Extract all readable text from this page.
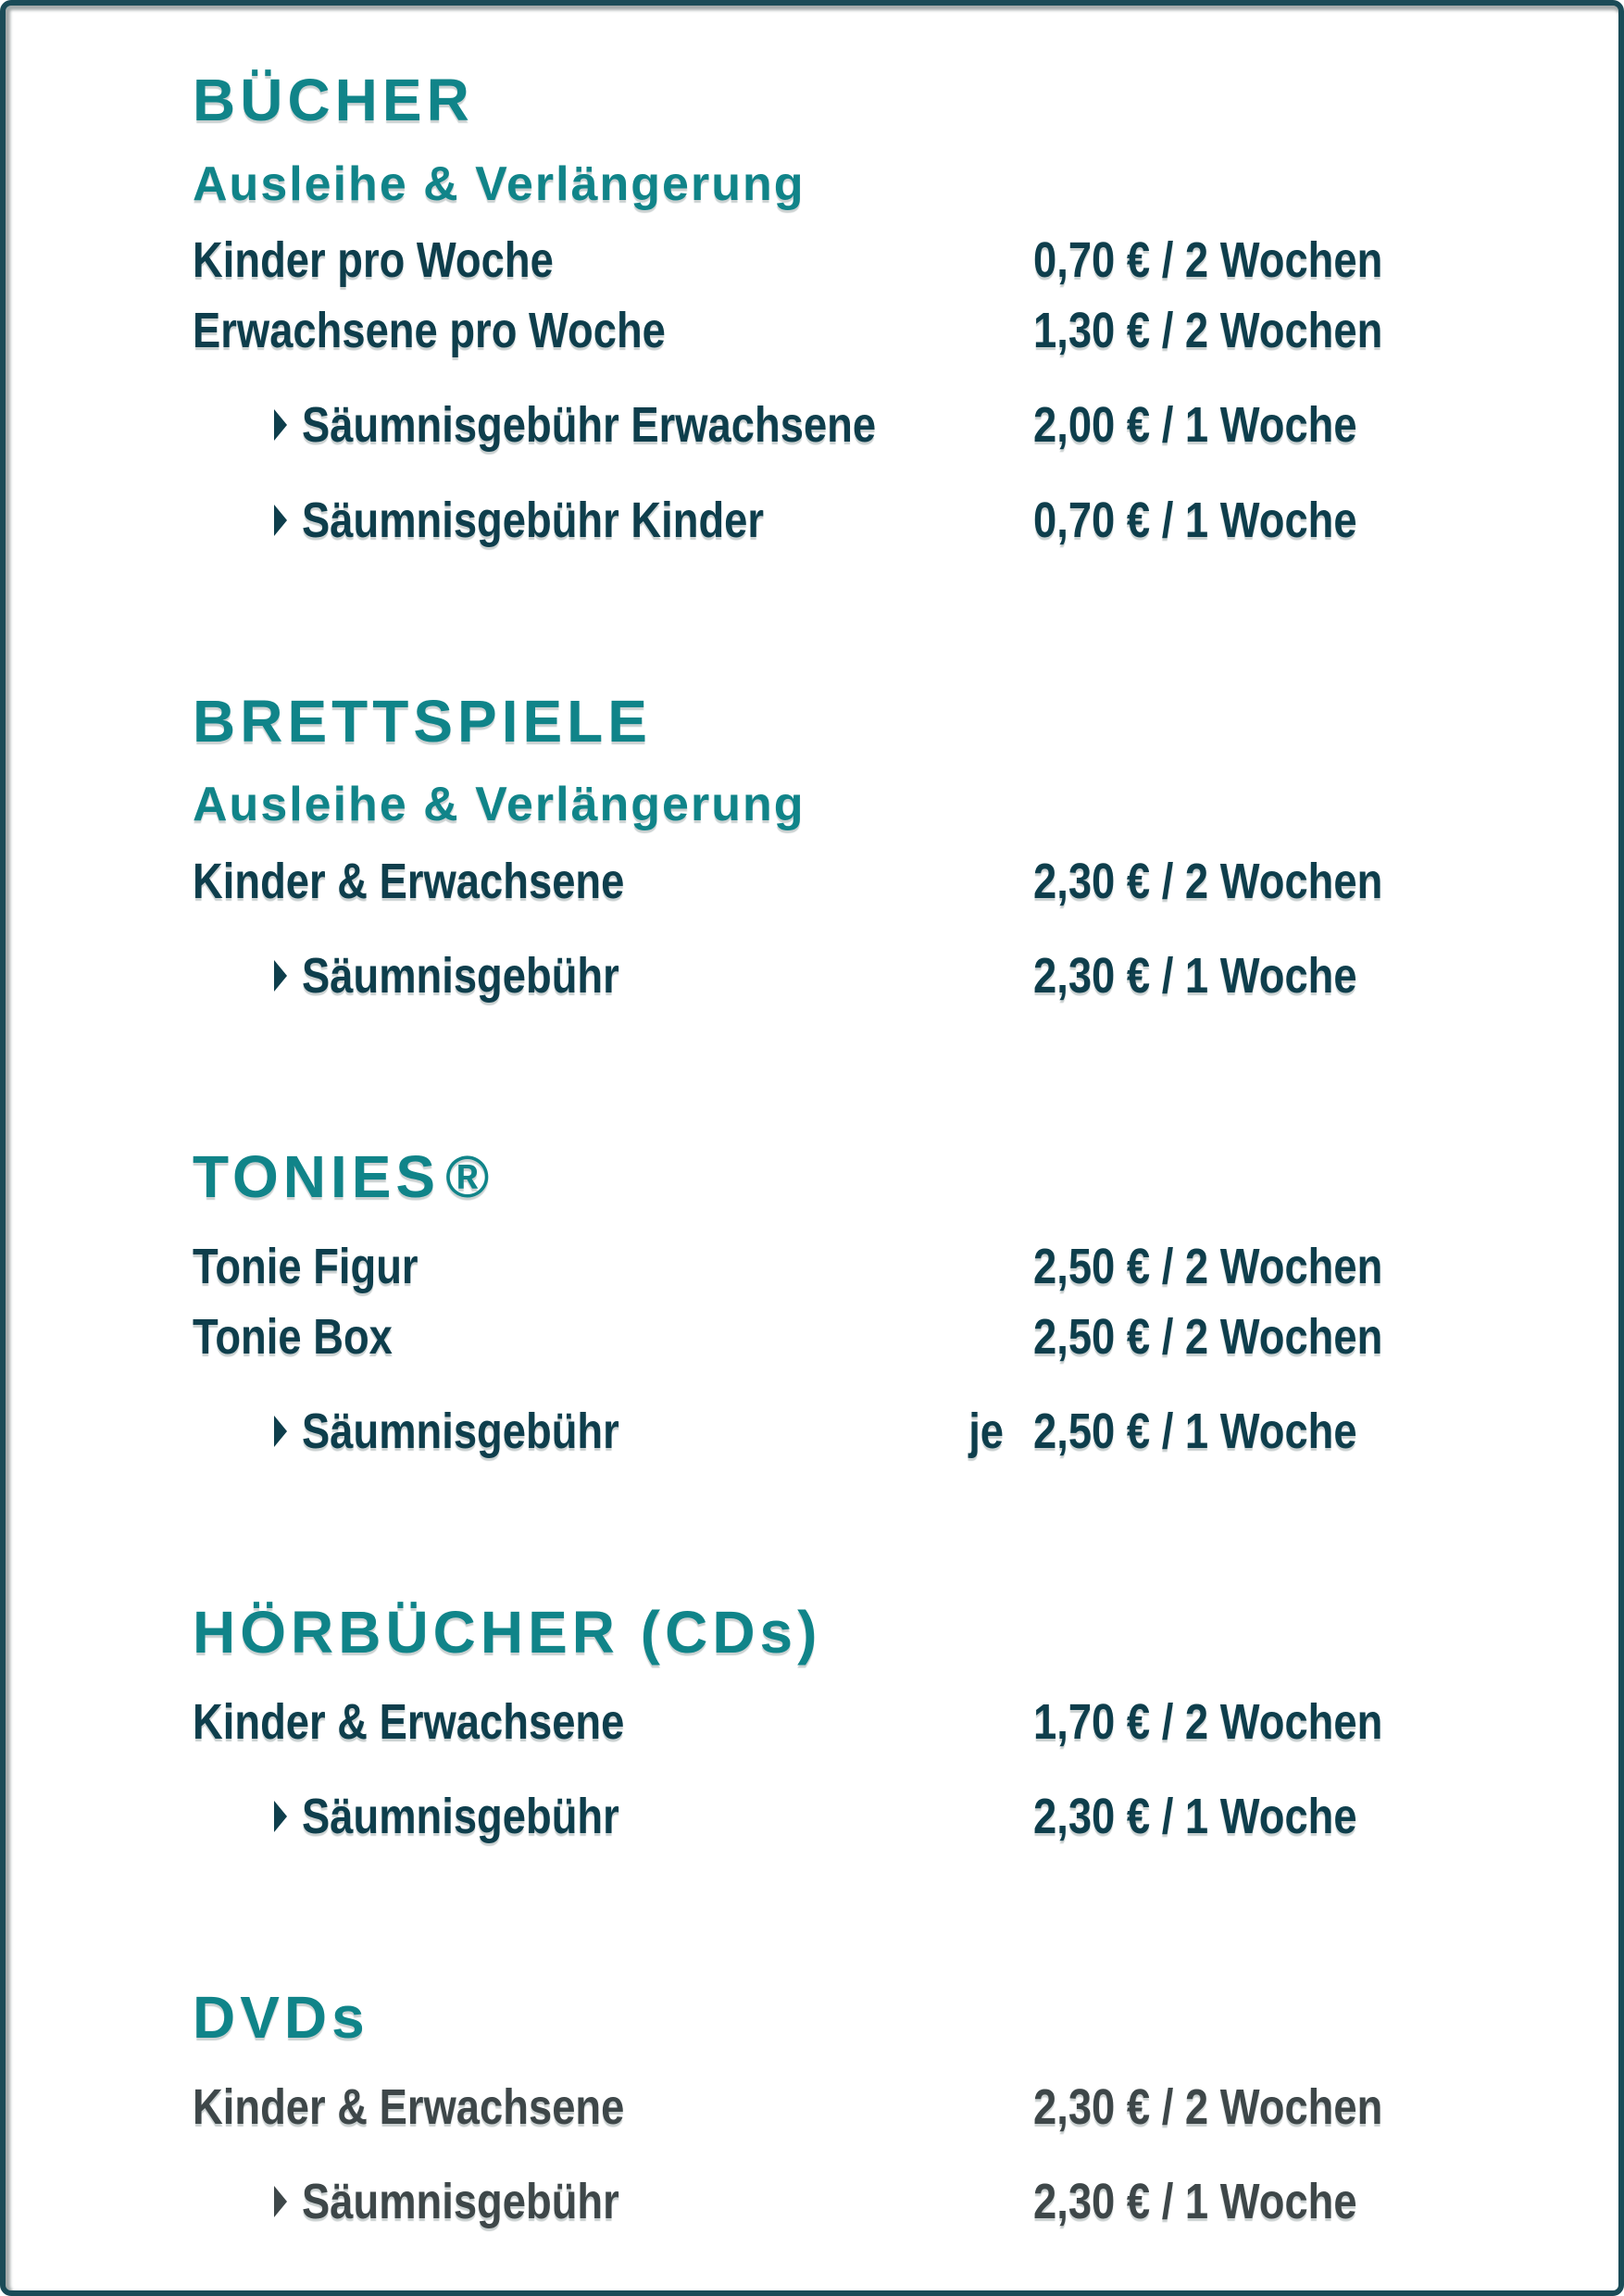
BÜCHER
Ausleihe & Verlängerung
Kinder pro Woche	0,70 € / 2 Wochen
Erwachsene pro Woche	1,30 € / 2 Wochen
Säumnisgebühr Erwachsene	2,00 € / 1 Woche
Säumnisgebühr Kinder	0,70 € / 1 Woche
BRETTSPIELE
Ausleihe & Verlängerung
Kinder & Erwachsene	2,30 € / 2 Wochen
Säumnisgebühr	2,30 € / 1 Woche
TONIES®
Tonie Figur	2,50 € / 2 Wochen
Tonie Box	2,50 € / 2 Wochen
Säumnisgebühr	je 2,50 € / 1 Woche
HÖRBÜCHER (CDs)
Kinder & Erwachsene	1,70 € / 2 Wochen
Säumnisgebühr	2,30 € / 1 Woche
DVDs
Kinder & Erwachsene	2,30 € / 2 Wochen
Säumnisgebühr	2,30 € / 1 Woche
